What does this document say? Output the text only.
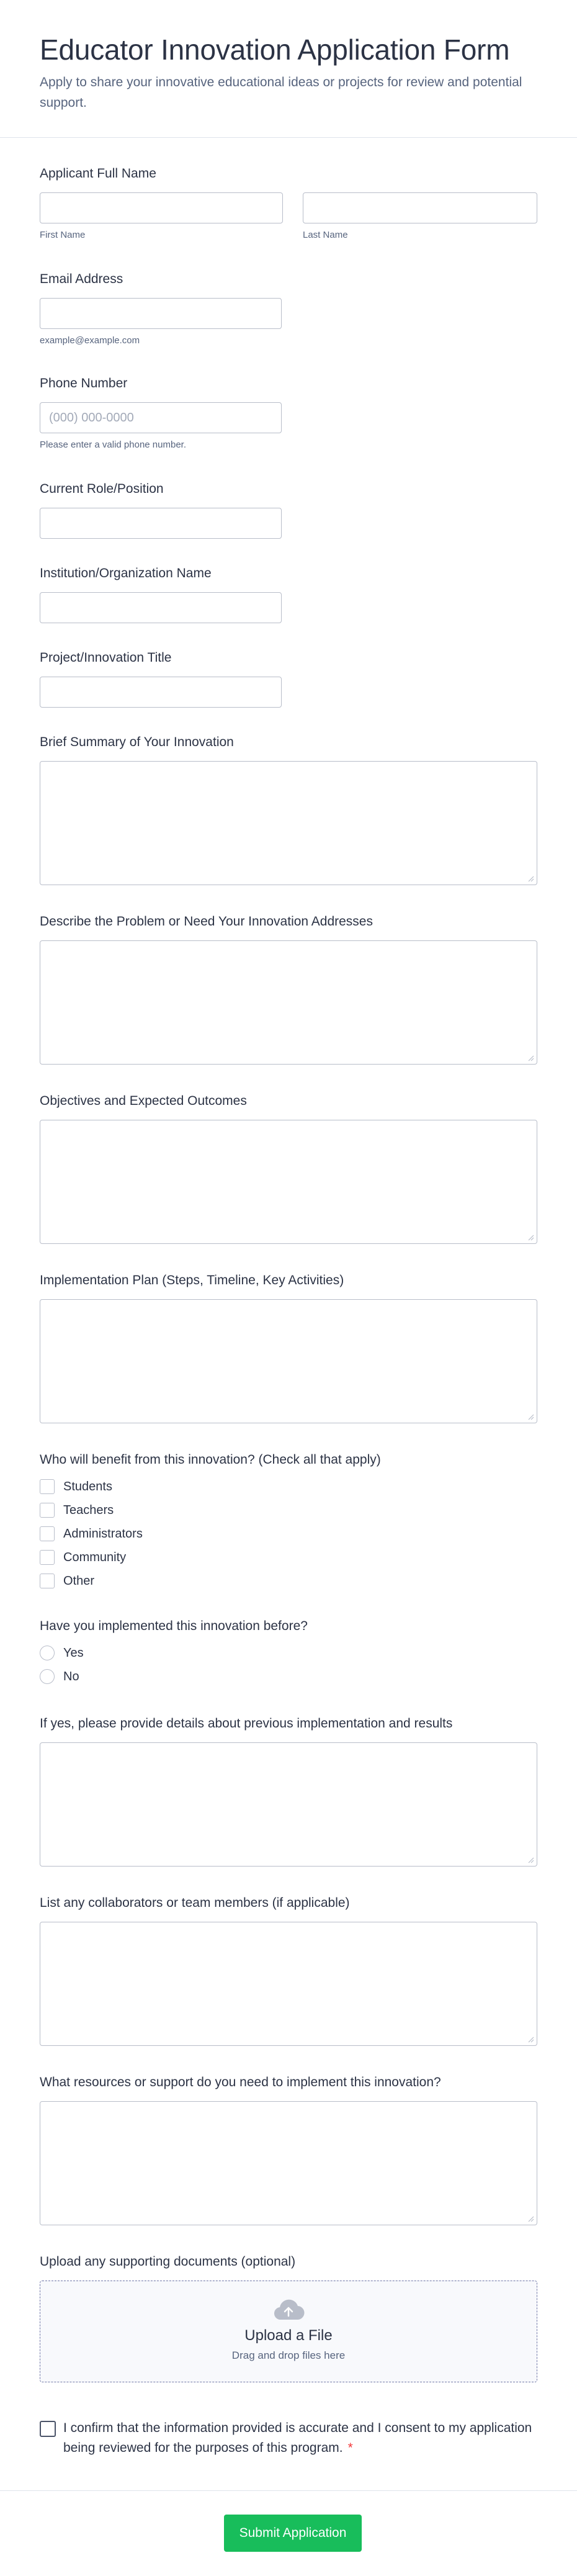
Educator Innovation Application Form

Apply to share your innovative educational ideas or projects for review and potential support.

Applicant Full Name
First Name	Last Name
Email Address
example@example.com
Phone Number
(000) 000-0000
Please enter a valid phone number.
Current Role/Position
Institution/Organization Name
Project/Innovation Title
Brief Summary of Your Innovation
Describe the Problem or Need Your Innovation Addresses
Objectives and Expected Outcomes
Implementation Plan (Steps, Timeline, Key Activities)
Who will benefit from this innovation? (Check all that apply)
Students
Teachers
Administrators
Community
Other
Have you implemented this innovation before?
Yes
No
If yes, please provide details about previous implementation and results
List any collaborators or team members (if applicable)
What resources or support do you need to implement this innovation?
Upload any supporting documents (optional)
Upload a File
Drag and drop files here
I confirm that the information provided is accurate and I consent to my application being reviewed for the purposes of this program. *
Submit Application
